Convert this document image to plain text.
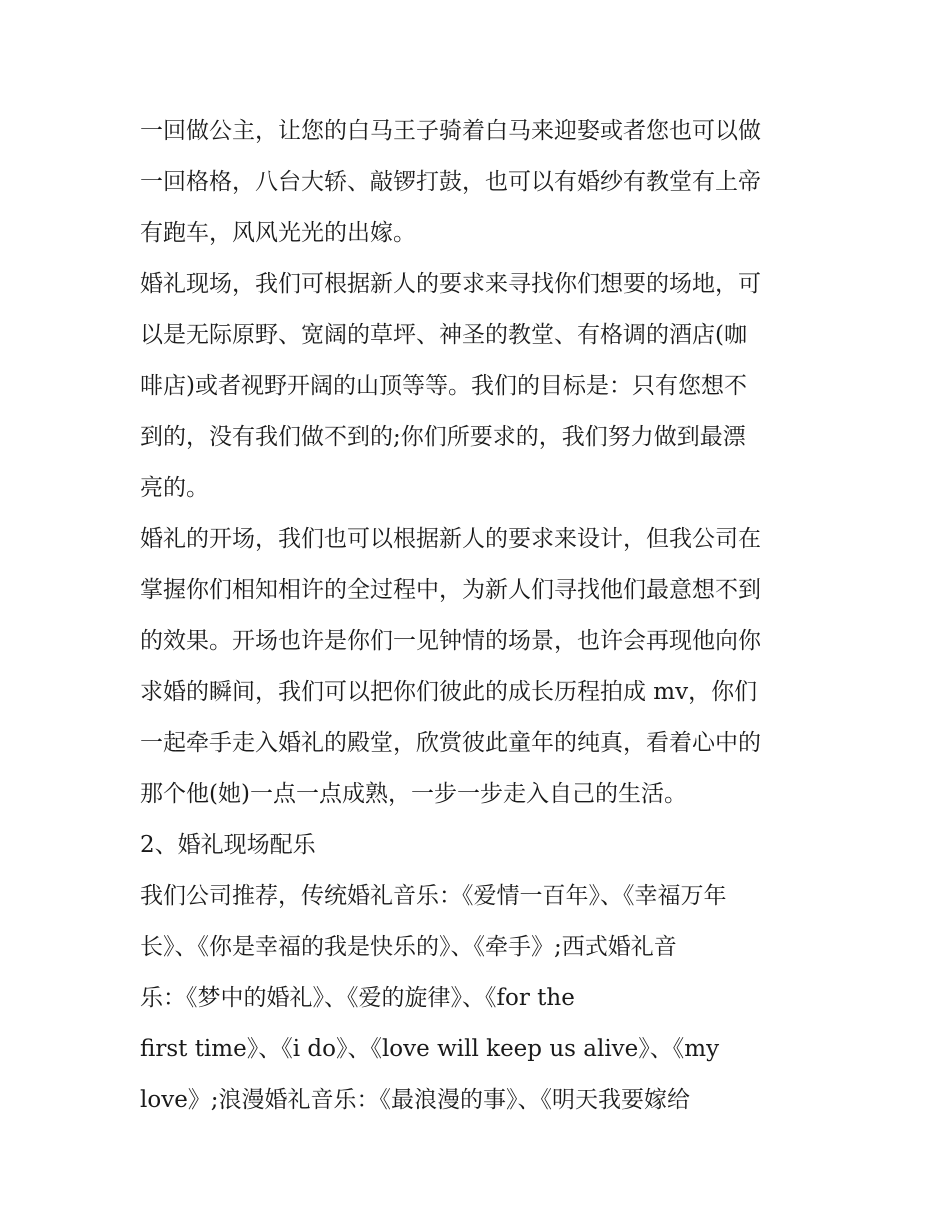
一回做公主，让您的白马王子骑着白马来迎娶或者您也可以做
一回格格，八台大轿、敲锣打鼓，也可以有婚纱有教堂有上帝
有跑车，风风光光的出嫁。
婚礼现场，我们可根据新人的要求来寻找你们想要的场地，可
以是无际原野、宽阔的草坪、神圣的教堂、有格调的酒店(咖
啡店)或者视野开阔的山顶等等。我们的目标是：只有您想不
到的，没有我们做不到的;你们所要求的，我们努力做到最漂
亮的。
婚礼的开场，我们也可以根据新人的要求来设计，但我公司在
掌握你们相知相许的全过程中，为新人们寻找他们最意想不到
的效果。开场也许是你们一见钟情的场景，也许会再现他向你
求婚的瞬间，我们可以把你们彼此的成长历程拍成 mv，你们
一起牵手走入婚礼的殿堂，欣赏彼此童年的纯真，看着心中的
那个他(她)一点一点成熟，一步一步走入自己的生活。
2、婚礼现场配乐
我们公司推荐，传统婚礼音乐：《爱情一百年》、《幸福万年
长》、《你是幸福的我是快乐的》、《牵手》;西式婚礼音
乐：《梦中的婚礼》、《爱的旋律》、《for the
first time》、《i do》、《love will keep us alive》、《my
love》;浪漫婚礼音乐：《最浪漫的事》、《明天我要嫁给
